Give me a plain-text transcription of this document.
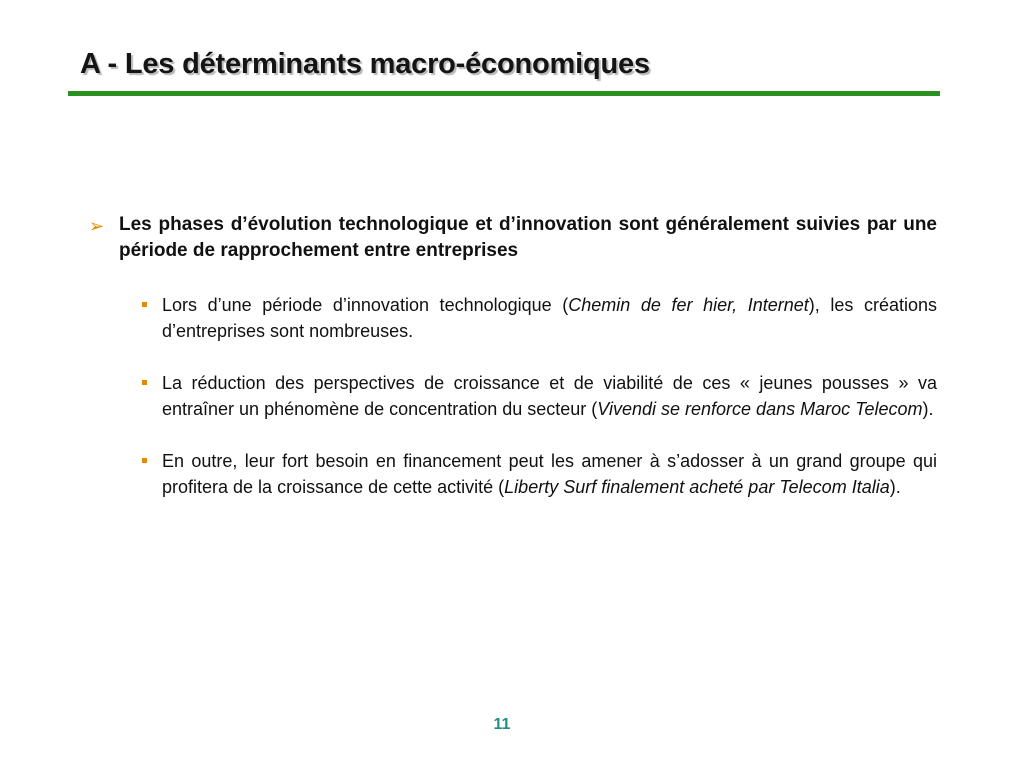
A - Les déterminants macro-économiques

➢ Les phases d’évolution technologique et d’innovation sont généralement suivies par une période de rapprochement entre entreprises

Lors d’une période d’innovation technologique (Chemin de fer hier, Internet), les créations d’entreprises sont nombreuses.
La réduction des perspectives de croissance et de viabilité de ces « jeunes pousses » va entraîner un phénomène de concentration du secteur (Vivendi se renforce dans Maroc Telecom).
En outre, leur fort besoin en financement peut les amener à s’adosser à un grand groupe qui profitera de la croissance de cette activité (Liberty Surf finalement acheté par Telecom Italia).
11
